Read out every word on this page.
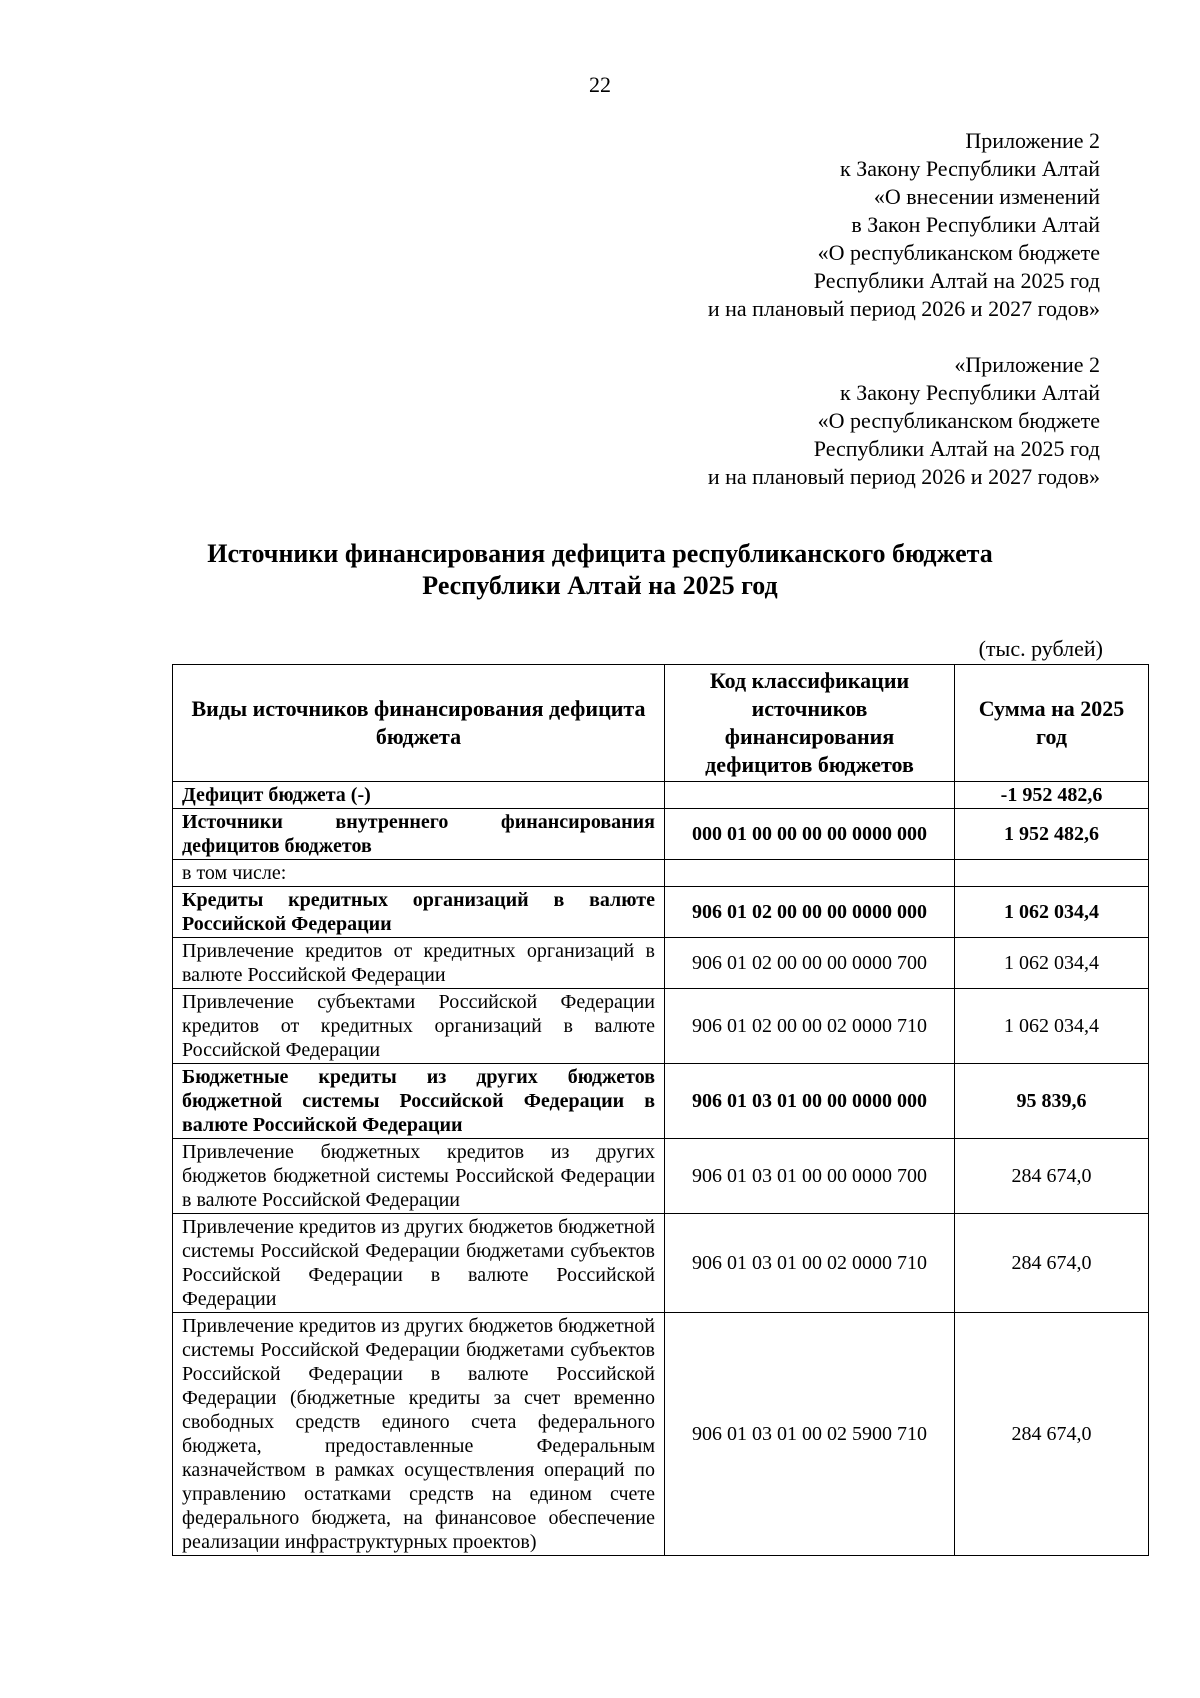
22
Приложение 2
к Закону Республики Алтай
«О внесении изменений
в Закон Республики Алтай
«О республиканском бюджете
Республики Алтай на 2025 год
и на плановый период 2026 и 2027 годов»
«Приложение 2
к Закону Республики Алтай
«О республиканском бюджете
Республики Алтай на 2025 год
и на плановый период 2026 и 2027 годов»
Источники финансирования дефицита республиканского бюджета
Республики Алтай на 2025 год
(тыс. рублей)
Виды источников финансирования дефицита бюджета	Код классификации источников финансирования дефицитов бюджетов	Сумма на 2025 год
Дефицит бюджета (-)		-1 952 482,6
Источники внутреннего финансирования дефицитов бюджетов	000 01 00 00 00 00 0000 000	1 952 482,6
в том числе:		
Кредиты кредитных организаций в валюте Российской Федерации	906 01 02 00 00 00 0000 000	1 062 034,4
Привлечение кредитов от кредитных организаций в валюте Российской Федерации	906 01 02 00 00 00 0000 700	1 062 034,4
Привлечение субъектами Российской Федерации кредитов от кредитных организаций в валюте Российской Федерации	906 01 02 00 00 02 0000 710	1 062 034,4
Бюджетные кредиты из других бюджетов бюджетной системы Российской Федерации в валюте Российской Федерации	906 01 03 01 00 00 0000 000	95 839,6
Привлечение бюджетных кредитов из других бюджетов бюджетной системы Российской Федерации в валюте Российской Федерации	906 01 03 01 00 00 0000 700	284 674,0
Привлечение кредитов из других бюджетов бюджетной системы Российской Федерации бюджетами субъектов Российской Федерации в валюте Российской Федерации	906 01 03 01 00 02 0000 710	284 674,0
Привлечение кредитов из других бюджетов бюджетной системы Российской Федерации бюджетами субъектов Российской Федерации в валюте Российской Федерации (бюджетные кредиты за счет временно свободных средств единого счета федерального бюджета, предоставленные Федеральным казначейством в рамках осуществления операций по управлению остатками средств на едином счете федерального бюджета, на финансовое обеспечение реализации инфраструктурных проектов)	906 01 03 01 00 02 5900 710	284 674,0
